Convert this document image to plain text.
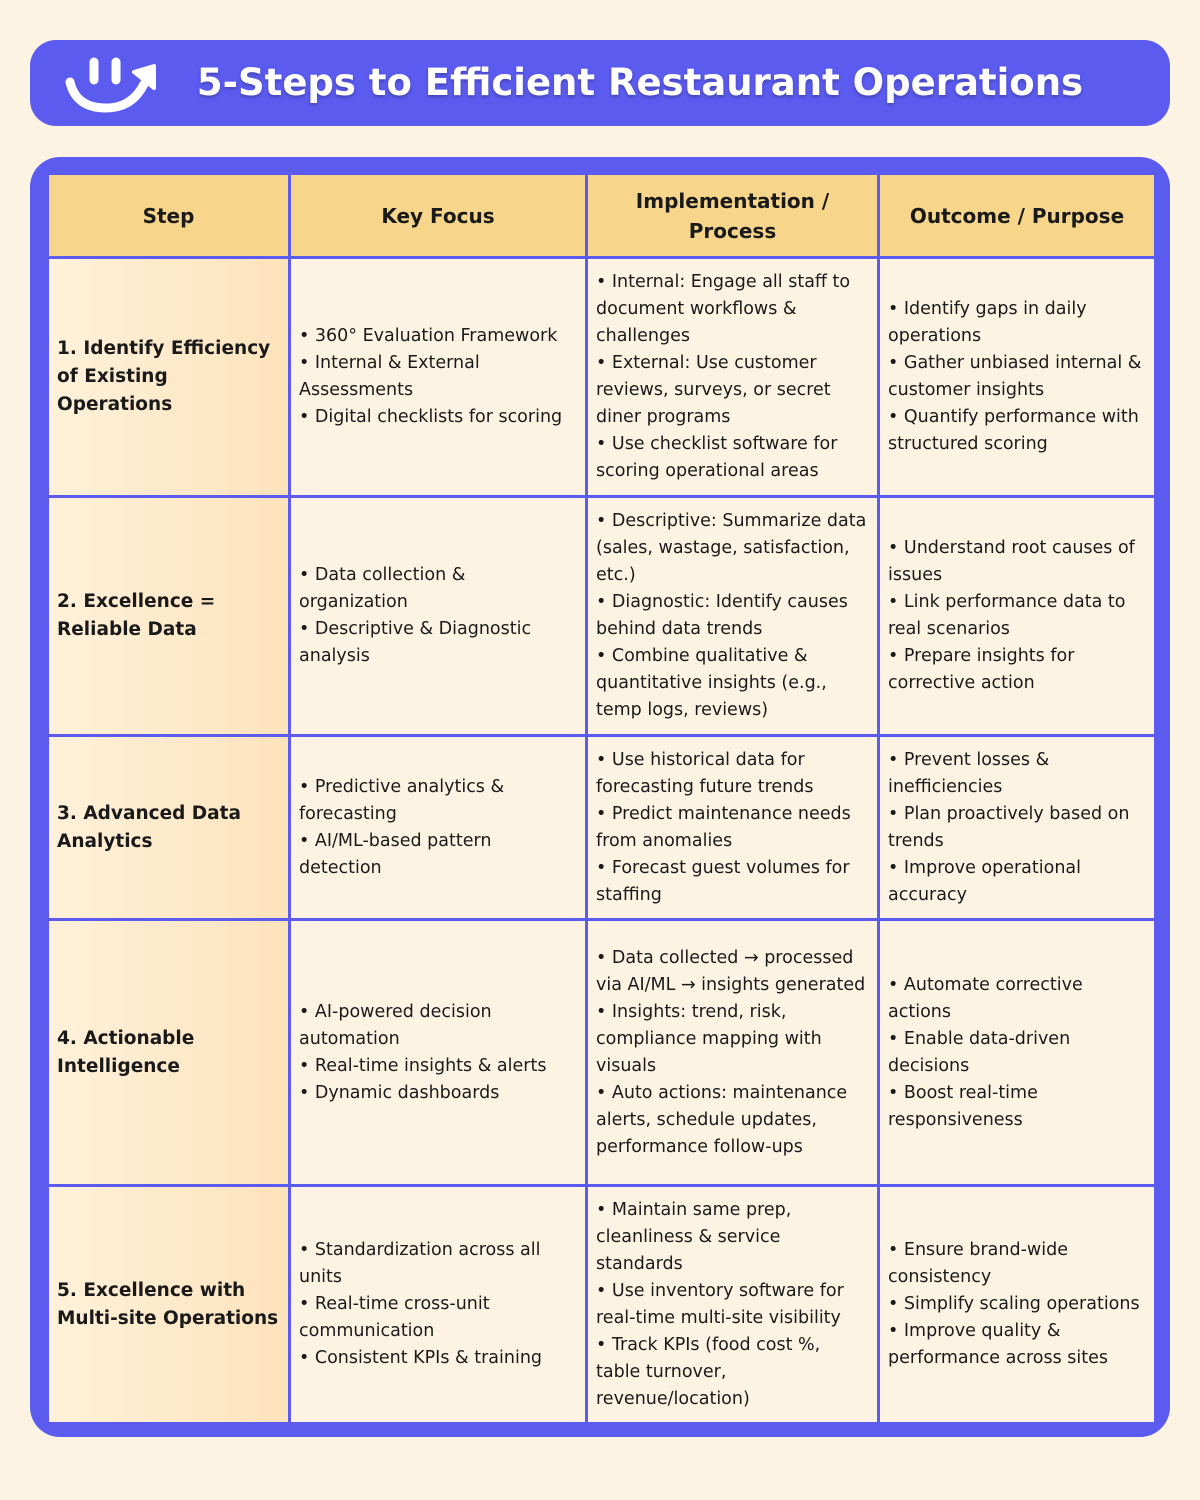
5-Steps to Efficient Restaurant Operations
Step	Key Focus	Implementation / Process	Outcome / Purpose
1. Identify Efficiency of Existing Operations	• 360° Evaluation Framework
• Internal & External Assessments
• Digital checklists for scoring	• Internal: Engage all staff to document workflows & challenges
• External: Use customer reviews, surveys, or secret diner programs
• Use checklist software for scoring operational areas	• Identify gaps in daily operations
• Gather unbiased internal & customer insights
• Quantify performance with structured scoring

2. Excellence = Reliable Data	• Data collection & organization
• Descriptive & Diagnostic analysis	• Descriptive: Summarize data (sales, wastage, satisfaction, etc.)
• Diagnostic: Identify causes behind data trends
• Combine qualitative & quantitative insights (e.g., temp logs, reviews)	• Understand root causes of issues
• Link performance data to real scenarios
• Prepare insights for corrective action

3. Advanced Data Analytics	• Predictive analytics & forecasting
• AI/ML-based pattern detection	• Use historical data for forecasting future trends
• Predict maintenance needs from anomalies
• Forecast guest volumes for staffing	• Prevent losses & inefficiencies
• Plan proactively based on trends
• Improve operational accuracy

4. Actionable Intelligence	• AI-powered decision automation
• Real-time insights & alerts
• Dynamic dashboards	• Data collected → processed via AI/ML → insights generated
• Insights: trend, risk, compliance mapping with visuals
• Auto actions: maintenance alerts, schedule updates, performance follow-ups	• Automate corrective actions
• Enable data-driven decisions
• Boost real-time responsiveness

5. Excellence with Multi-site Operations	• Standardization across all units
• Real-time cross-unit communication
• Consistent KPIs & training	• Maintain same prep, cleanliness & service standards
• Use inventory software for real-time multi-site visibility
• Track KPIs (food cost %, table turnover, revenue/location)	• Ensure brand-wide consistency
• Simplify scaling operations
• Improve quality & performance across sites
